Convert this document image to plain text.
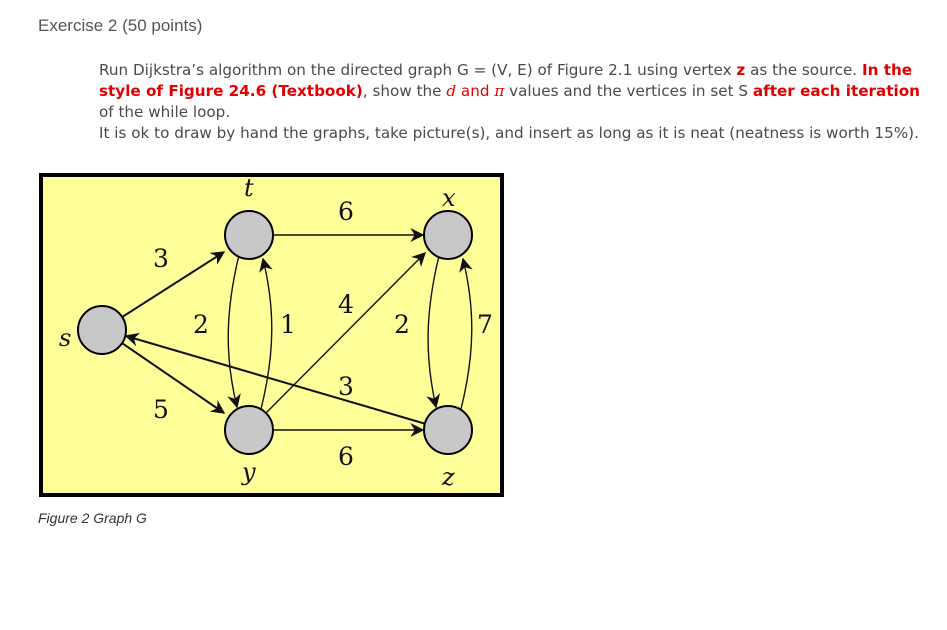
Exercise 2 (50 points)

Run Dijkstra’s algorithm on the directed graph G = (V, E) of Figure 2.1 using vertex z as the source. In the style of Figure 24.6 (Textbook), show the d and π values and the vertices in set S after each iteration of the while loop.

It is ok to draw by hand the graphs, take picture(s), and insert as long as it is neat (neatness is worth 15%).

s
t	x
y	z
3
5
6
2	1
4
6
2	7
3
Figure 2 Graph G
